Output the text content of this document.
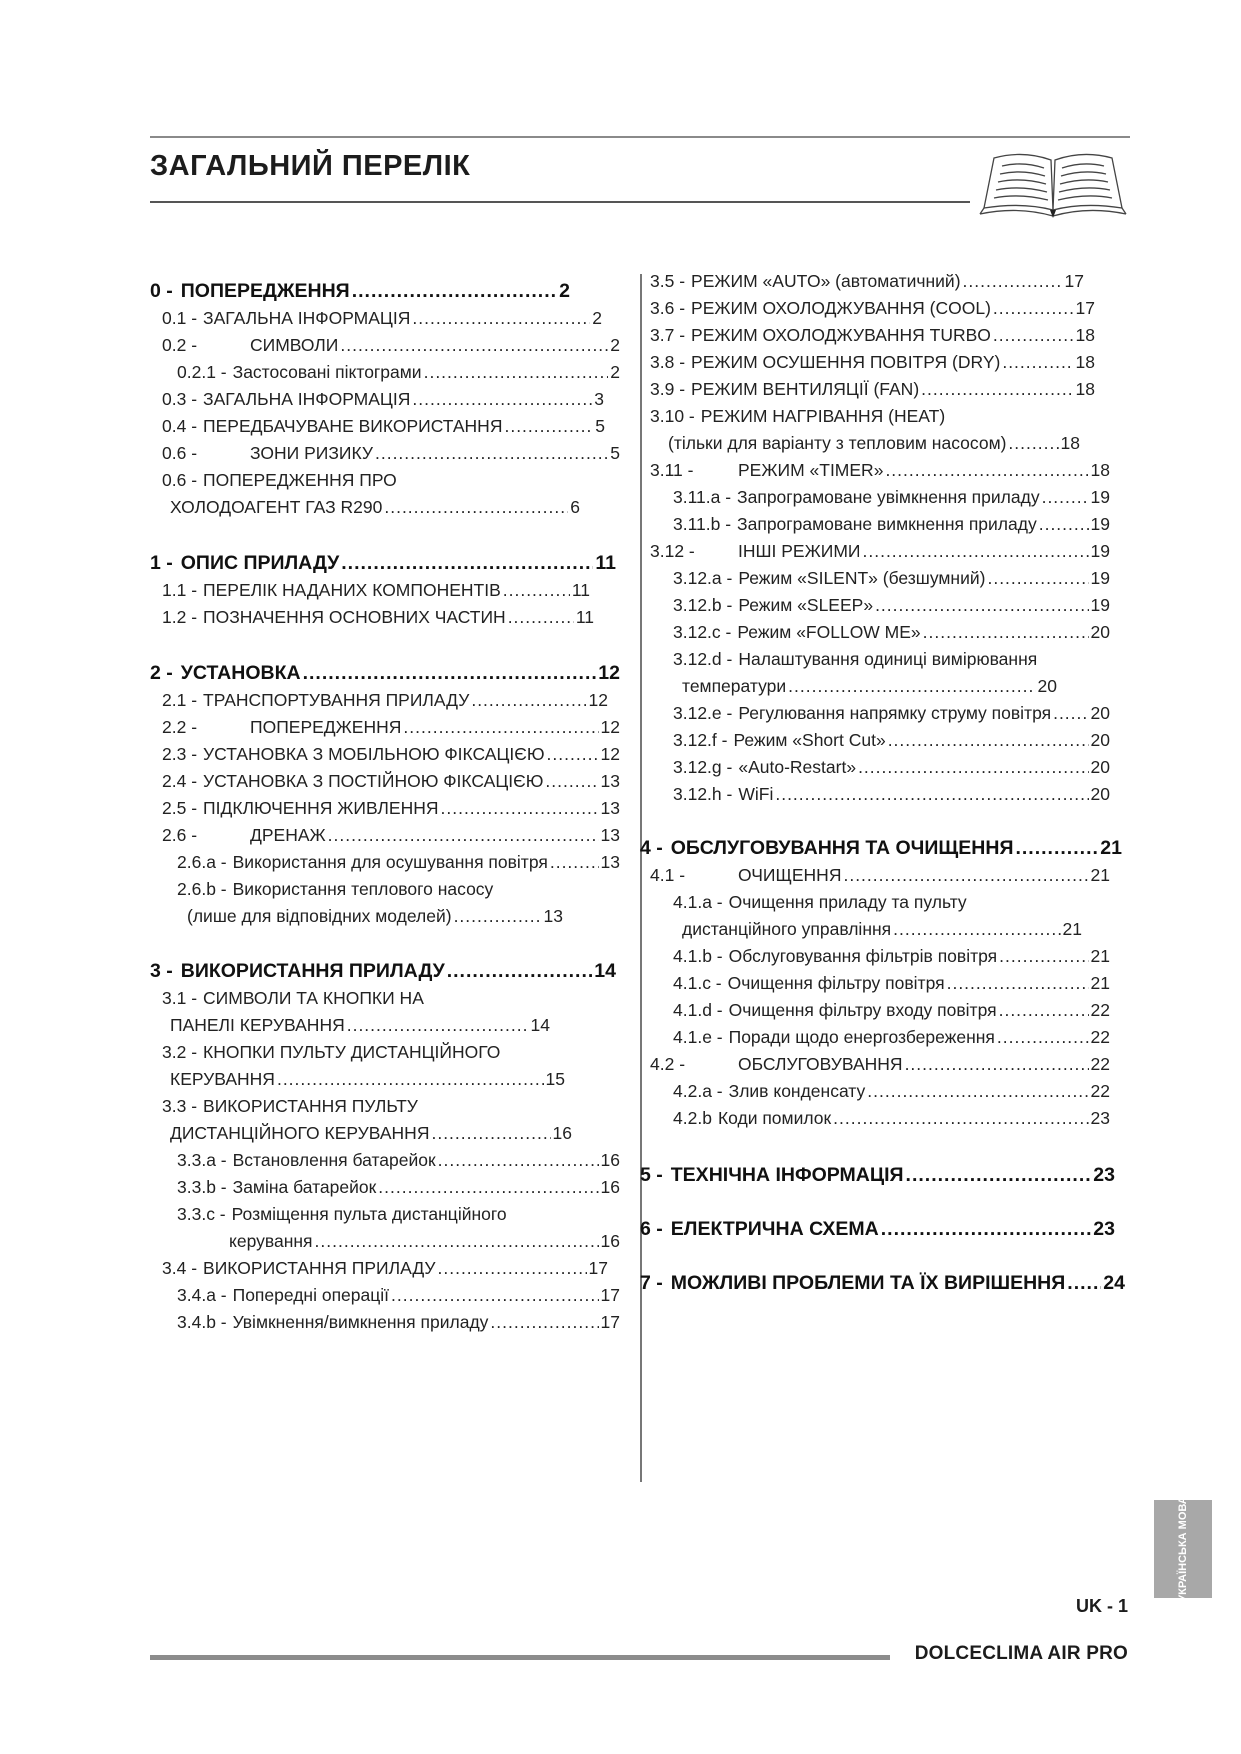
ЗАГАЛЬНИЙ ПЕРЕЛІК
0 - ПОПЕРЕДЖЕННЯ .....	2
0.1 - ЗАГАЛЬНА ІНФОРМАЦІЯ .....	2
0.2 -	СИМВОЛИ .....	2
0.2.1 - Застосовані піктограми .....	2
0.3 - ЗАГАЛЬНА ІНФОРМАЦІЯ .....	3
0.4 - ПЕРЕДБАЧУВАНЕ ВИКОРИСТАННЯ .....	5
0.6 -	ЗОНИ РИЗИКУ .....	5
0.6 - ПОПЕРЕДЖЕННЯ ПРО
ХОЛОДОАГЕНТ ГАЗ R290 .....	6
1 - ОПИС ПРИЛАДУ .....	11
1.1 - ПЕРЕЛІК НАДАНИХ КОМПОНЕНТІВ .....	11
1.2 - ПОЗНАЧЕННЯ ОСНОВНИХ ЧАСТИН .....	11
2 - УСТАНОВКА .....	12
2.1 - ТРАНСПОРТУВАННЯ ПРИЛАДУ .....	12
2.2 -	ПОПЕРЕДЖЕННЯ .....	12
2.3 - УСТАНОВКА З МОБІЛЬНОЮ ФІКСАЦІЄЮ .....	12
2.4 - УСТАНОВКА З ПОСТІЙНОЮ ФІКСАЦІЄЮ .....	13
2.5 - ПІДКЛЮЧЕННЯ ЖИВЛЕННЯ .....	13
2.6 -	ДРЕНАЖ .....	13
2.6.a - Використання для осушування повітря .....	13
2.6.b - Використання теплового насосу
(лише для відповідних моделей) .....	13
3 - ВИКОРИСТАННЯ ПРИЛАДУ .....	14
3.1 - СИМВОЛИ ТА КНОПКИ НА
ПАНЕЛІ КЕРУВАННЯ .....	14
3.2 - КНОПКИ ПУЛЬТУ ДИСТАНЦІЙНОГО
КЕРУВАННЯ .....	15
3.3 - ВИКОРИСТАННЯ ПУЛЬТУ
ДИСТАНЦІЙНОГО КЕРУВАННЯ .....	16
3.3.a - Встановлення батарейок .....	16
3.3.b - Заміна батарейок .....	16
3.3.c - Розміщення пульта дистанційного
керування .....	16
3.4 - ВИКОРИСТАННЯ ПРИЛАДУ .....	17
3.4.a - Попередні операції .....	17
3.4.b - Увімкнення/вимкнення приладу .....	17
3.5 - РЕЖИМ «AUTO» (автоматичний) .....	17
3.6 - РЕЖИМ ОХОЛОДЖУВАННЯ (COOL) .....	17
3.7 - РЕЖИМ ОХОЛОДЖУВАННЯ TURBO .....	18
3.8 - РЕЖИМ ОСУШЕННЯ ПОВІТРЯ (DRY) .....	18
3.9 - РЕЖИМ ВЕНТИЛЯЦІЇ (FAN) .....	18
3.10 - РЕЖИМ НАГРІВАННЯ (HEAT)
(тільки для варіанту з тепловим насосом) .....	18
3.11 -	РЕЖИМ «TIMER» .....	18
3.11.a - Запрограмоване увімкнення приладу .....	19
3.11.b - Запрограмоване вимкнення приладу .....	19
3.12 -	ІНШІ РЕЖИМИ .....	19
3.12.a - Режим «SILENT» (безшумний) .....	19
3.12.b - Режим «SLEEP» .....	19
3.12.c - Режим «FOLLOW ME» .....	20
3.12.d - Налаштування одиниці вимірювання
температури .....	20
3.12.e - Регулювання напрямку струму повітря ..... 20
3.12.f - Режим «Short Cut» .....	20
3.12.g - «Auto-Restart» .....	20
3.12.h - WiFi .....	20
4 - ОБСЛУГОВУВАННЯ ТА ОЧИЩЕННЯ .....	21
4.1 -	ОЧИЩЕННЯ .....	21
4.1.a - Очищення приладу та пульту
дистанційного управління .....	21
4.1.b - Обслуговування фільтрів повітря .....	21
4.1.c - Очищення фільтру повітря .....	21
4.1.d - Очищення фільтру входу повітря .....	22
4.1.e - Поради щодо енергозбереження .....	22
4.2 -	ОБСЛУГОВУВАННЯ .....	22
4.2.a - Злив конденсату .....	22
4.2.b Коди помилок .....	23
5 - ТЕХНІЧНА ІНФОРМАЦІЯ .....	23
6 - ЕЛЕКТРИЧНА СХЕМА .....	23
7 - МОЖЛИВІ ПРОБЛЕМИ ТА ЇХ ВИРІШЕННЯ ..... 24
УКРАЇНСЬКА МОВА
UK - 1
DOLCECLIMA AIR PRO
